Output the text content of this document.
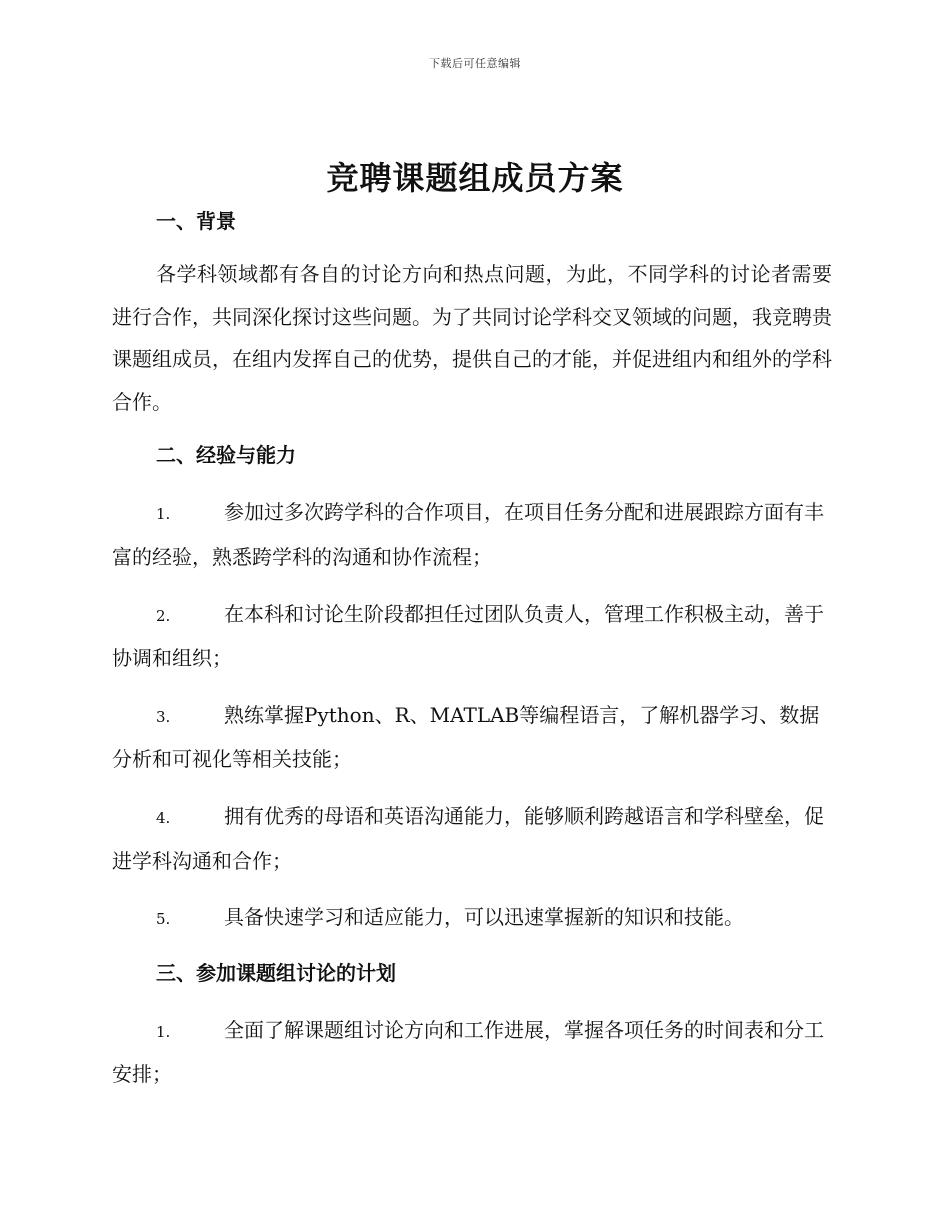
下载后可任意编辑
竞聘课题组成员方案
一、背景

各学科领域都有各自的讨论方向和热点问题，为此，不同学科的讨论者需要进行合作，共同深化探讨这些问题。为了共同讨论学科交叉领域的问题，我竞聘贵课题组成员，在组内发挥自己的优势，提供自己的才能，并促进组内和组外的学科合作。

二、经验与能力

1.	参加过多次跨学科的合作项目，在项目任务分配和进展跟踪方面有丰富的经验，熟悉跨学科的沟通和协作流程；

2.	在本科和讨论生阶段都担任过团队负责人，管理工作积极主动，善于协调和组织；

3.	熟练掌握Python、R、MATLAB等编程语言，了解机器学习、数据分析和可视化等相关技能；

4.	拥有优秀的母语和英语沟通能力，能够顺利跨越语言和学科壁垒，促进学科沟通和合作；

5.	具备快速学习和适应能力，可以迅速掌握新的知识和技能。

三、参加课题组讨论的计划

1.	全面了解课题组讨论方向和工作进展，掌握各项任务的时间表和分工安排；
